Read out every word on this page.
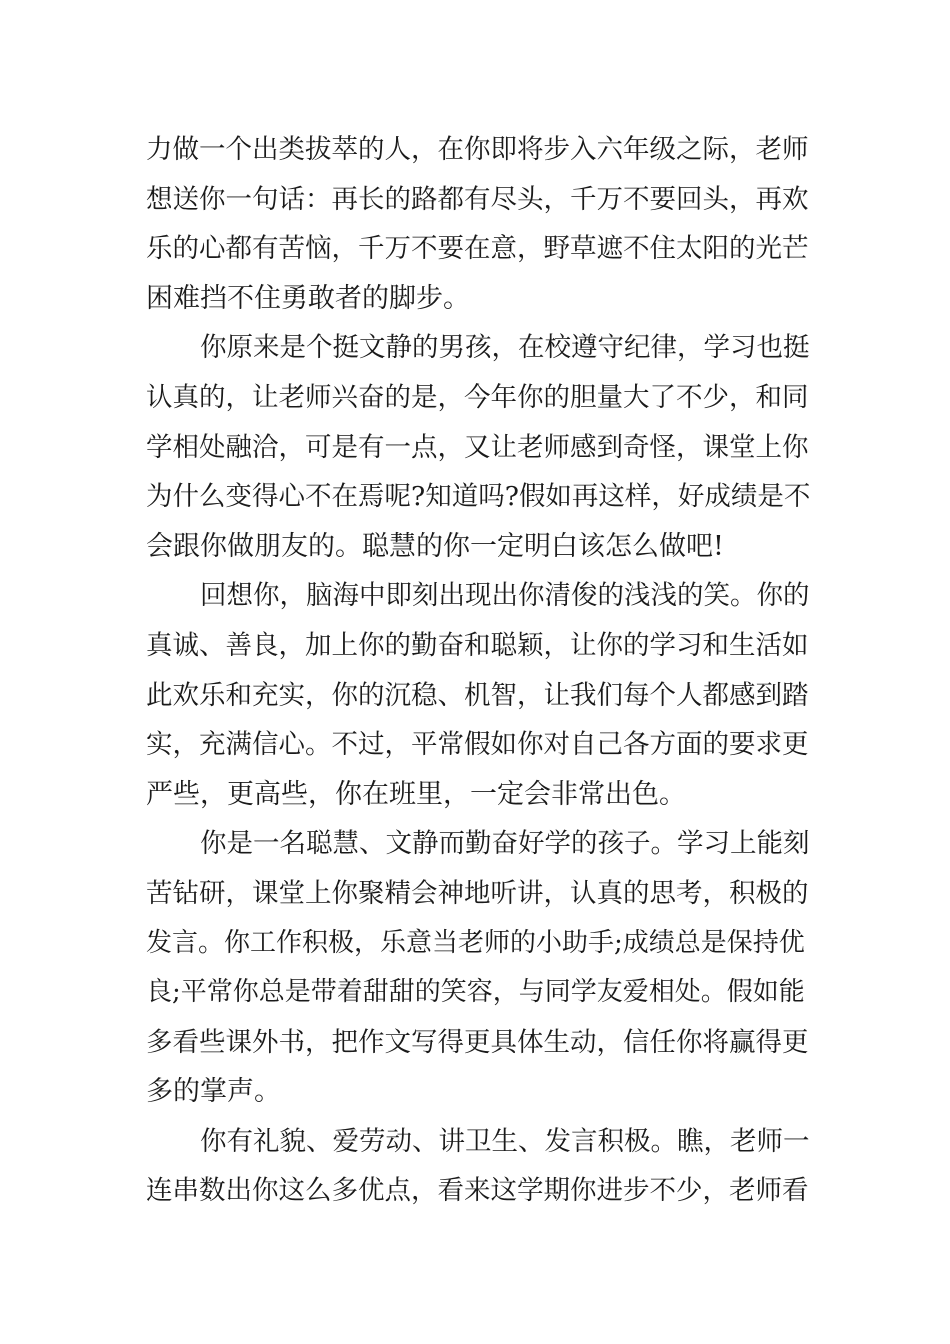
力做一个出类拔萃的人，在你即将步入六年级之际，老师
想送你一句话：再长的路都有尽头，千万不要回头，再欢
乐的心都有苦恼，千万不要在意，野草遮不住太阳的光芒
困难挡不住勇敢者的脚步。
你原来是个挺文静的男孩，在校遵守纪律，学习也挺
认真的，让老师兴奋的是，今年你的胆量大了不少，和同
学相处融洽，可是有一点，又让老师感到奇怪，课堂上你
为什么变得心不在焉呢?知道吗?假如再这样，好成绩是不
会跟你做朋友的。聪慧的你一定明白该怎么做吧!
回想你，脑海中即刻出现出你清俊的浅浅的笑。你的
真诚、善良，加上你的勤奋和聪颖，让你的学习和生活如
此欢乐和充实，你的沉稳、机智，让我们每个人都感到踏
实，充满信心。不过，平常假如你对自己各方面的要求更
严些，更高些，你在班里，一定会非常出色。
你是一名聪慧、文静而勤奋好学的孩子。学习上能刻
苦钻研，课堂上你聚精会神地听讲，认真的思考，积极的
发言。你工作积极，乐意当老师的小助手;成绩总是保持优
良;平常你总是带着甜甜的笑容，与同学友爱相处。假如能
多看些课外书，把作文写得更具体生动，信任你将赢得更
多的掌声。
你有礼貌、爱劳动、讲卫生、发言积极。瞧，老师一
连串数出你这么多优点，看来这学期你进步不少，老师看
